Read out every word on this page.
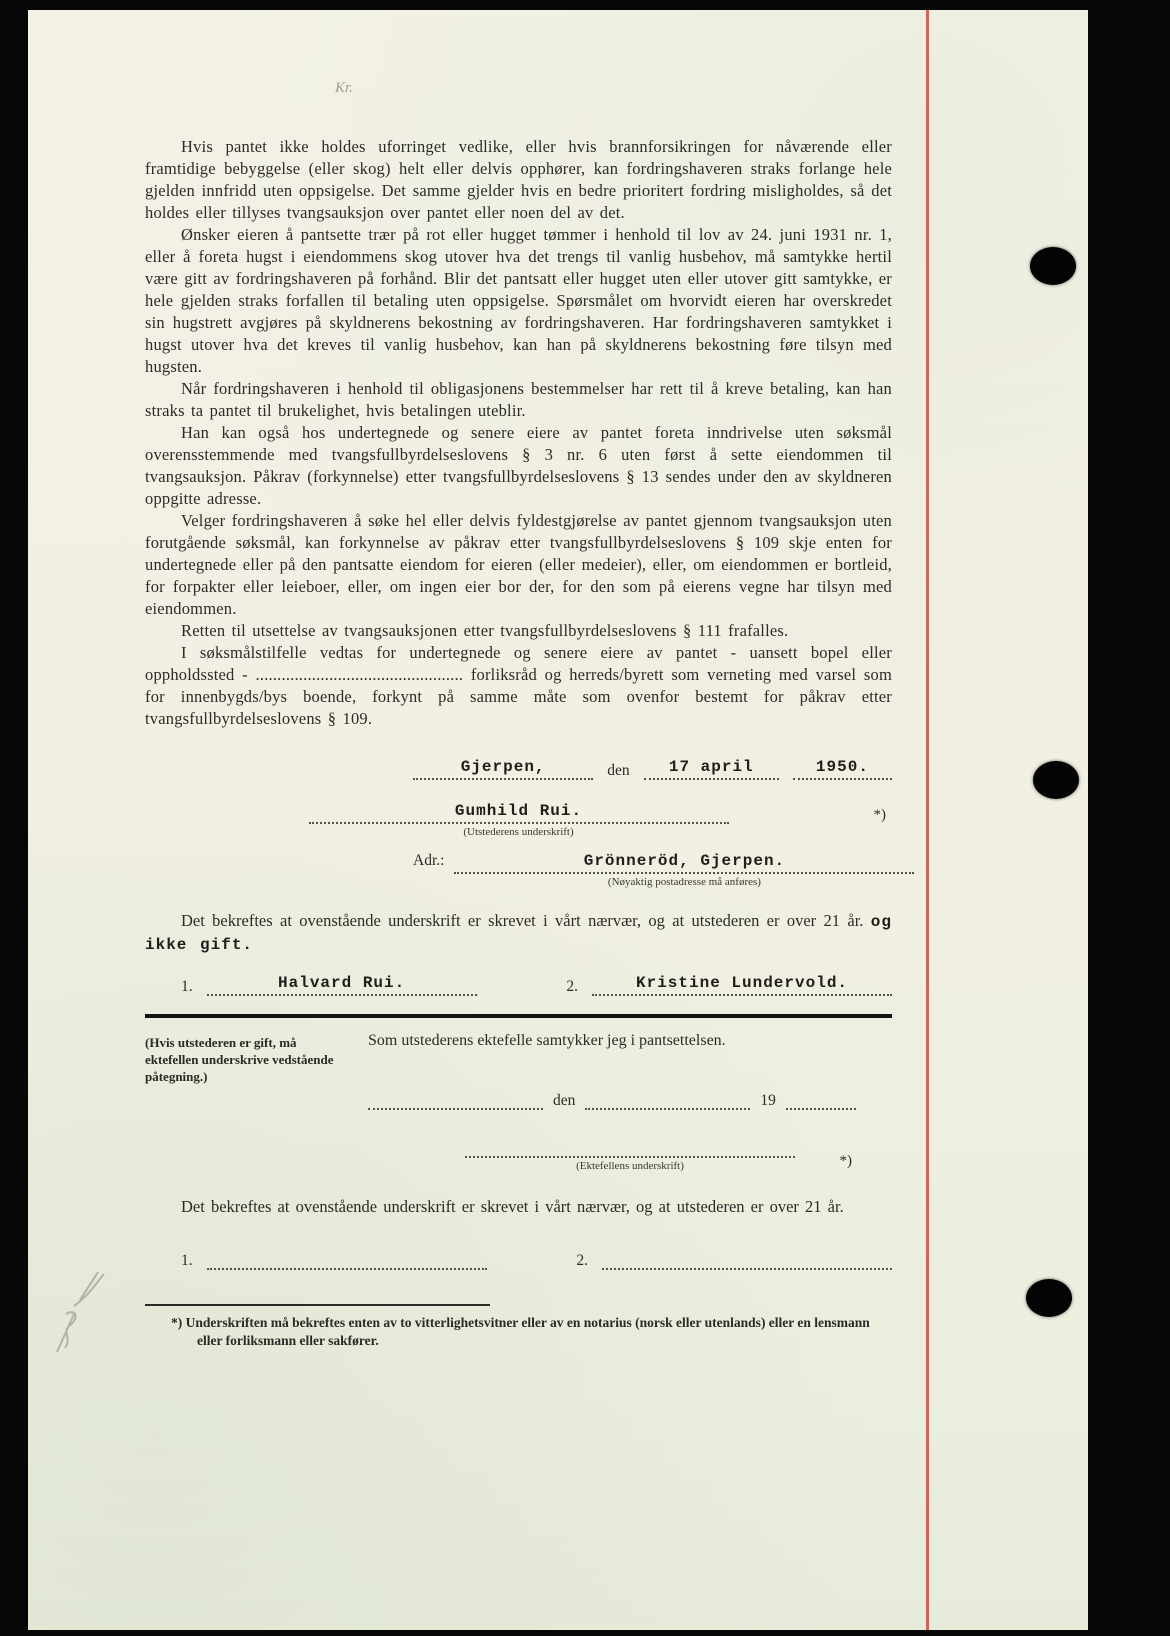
Kr.

Hvis pantet ikke holdes uforringet vedlike, eller hvis brannforsikringen for nåværende eller framtidige bebyggelse (eller skog) helt eller delvis opphører, kan fordringshaveren straks forlange hele gjelden innfridd uten oppsigelse. Det samme gjelder hvis en bedre prioritert fordring misligholdes, så det holdes eller tillyses tvangsauksjon over pantet eller noen del av det.

Ønsker eieren å pantsette trær på rot eller hugget tømmer i henhold til lov av 24. juni 1931 nr. 1, eller å foreta hugst i eiendommens skog utover hva det trengs til vanlig husbehov, må samtykke hertil være gitt av fordringshaveren på forhånd. Blir det pantsatt eller hugget uten eller utover gitt samtykke, er hele gjelden straks forfallen til betaling uten oppsigelse. Spørsmålet om hvorvidt eieren har overskredet sin hugstrett avgjøres på skyldnerens bekostning av fordringshaveren. Har fordringshaveren samtykket i hugst utover hva det kreves til vanlig husbehov, kan han på skyldnerens bekostning føre tilsyn med hugsten.

Når fordringshaveren i henhold til obligasjonens bestemmelser har rett til å kreve betaling, kan han straks ta pantet til brukelighet, hvis betalingen uteblir.

Han kan også hos undertegnede og senere eiere av pantet foreta inndrivelse uten søksmål overensstemmende med tvangsfullbyrdelseslovens § 3 nr. 6 uten først å sette eiendommen til tvangsauksjon. Påkrav (forkynnelse) etter tvangsfullbyrdelseslovens § 13 sendes under den av skyldneren oppgitte adresse.

Velger fordringshaveren å søke hel eller delvis fyldestgjørelse av pantet gjennom tvangsauksjon uten forutgående søksmål, kan forkynnelse av påkrav etter tvangsfullbyrdelseslovens § 109 skje enten for undertegnede eller på den pantsatte eiendom for eieren (eller medeier), eller, om eiendommen er bortleid, for forpakter eller leieboer, eller, om ingen eier bor der, for den som på eierens vegne har tilsyn med eiendommen.

Retten til utsettelse av tvangsauksjonen etter tvangsfullbyrdelseslovens § 111 frafalles.

I søksmålstilfelle vedtas for undertegnede og senere eiere av pantet - uansett bopel eller oppholdssted - ................................................ forliksråd og herreds/byrett som verneting med varsel som for innenbygds/bys boende, forkynt på samme måte som ovenfor bestemt for påkrav etter tvangsfullbyrdelseslovens § 109.

Gjerpen,	den	17 april	1950.
Gumhild Rui.
(Utstederens underskrift)
*)
Adr.:	Grönneröd, Gjerpen.
(Nøyaktig postadresse må anføres)

Det bekreftes at ovenstående underskrift er skrevet i vårt nærvær, og at utstederen er over 21 år. og ikke gift.

1.	Halvard Rui.	2.	Kristine Lundervold.
(Hvis utstederen er gift, må ektefellen underskrive vedstående påtegning.)

Som utstederens ektefelle samtykker jeg i pantsettelsen.

den	19
(Ektefellens underskrift)	*)

Det bekreftes at ovenstående underskrift er skrevet i vårt nærvær, og at utstederen er over 21 år.

1.	2.

*) Underskriften må bekreftes enten av to vitterlighetsvitner eller av en notarius (norsk eller utenlands) eller en lensmann eller forliksmann eller sakfører.
